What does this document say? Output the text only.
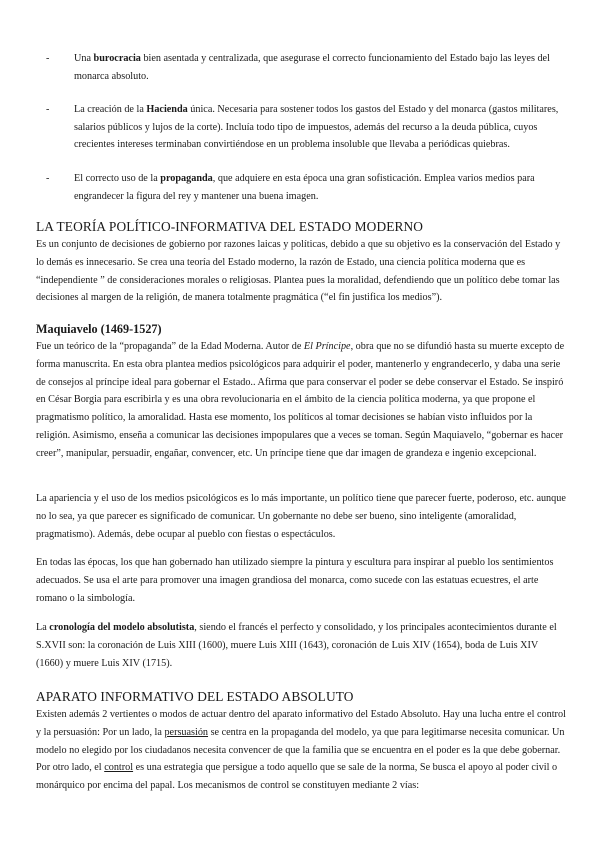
-	Una burocracia bien asentada y centralizada, que asegurase el correcto funcionamiento del Estado bajo las leyes del monarca absoluto.
-	La creación de la Hacienda única. Necesaria para sostener todos los gastos del Estado y del monarca (gastos militares, salarios públicos y lujos de la corte). Incluía todo tipo de impuestos, además del recurso a la deuda pública, cuyos crecientes intereses terminaban convirtiéndose en un problema insoluble que llevaba a periódicas quiebras.
-	El correcto uso de la propaganda, que adquiere en esta época una gran sofisticación. Emplea varios medios para engrandecer la figura del rey y mantener una buena imagen.
LA TEORÍA POLÍTICO-INFORMATIVA DEL ESTADO MODERNO

Es un conjunto de decisiones de gobierno por razones laicas y políticas, debido a que su objetivo es la conservación del Estado y lo demás es innecesario. Se crea una teoría del Estado moderno, la razón de Estado, una ciencia política moderna que es “independiente ” de consideraciones morales o religiosas. Plantea pues la moralidad, defendiendo que un político debe tomar las decisiones al margen de la religión, de manera totalmente pragmática (“el fin justifica los medios”).

Maquiavelo (1469-1527)

Fue un teórico de la “propaganda” de la Edad Moderna. Autor de El Príncipe, obra que no se difundió hasta su muerte excepto de forma manuscrita. En esta obra plantea medios psicológicos para adquirir el poder, mantenerlo y engrandecerlo, y daba una serie de consejos al príncipe ideal para gobernar el Estado.. Afirma que para conservar el poder se debe conservar el Estado. Se inspiró en César Borgia para escribirla y es una obra revolucionaria en el ámbito de la ciencia política moderna, ya que propone el pragmatismo político, la amoralidad. Hasta ese momento, los políticos al tomar decisiones se habían visto influidos por la religión. Asimismo, enseña a comunicar las decisiones impopulares que a veces se toman. Según Maquiavelo, “gobernar es hacer creer”, manipular, persuadir, engañar, convencer, etc. Un príncipe tiene que dar imagen de grandeza e ingenio excepcional.

La apariencia y el uso de los medios psicológicos es lo más importante, un político tiene que parecer fuerte, poderoso, etc. aunque no lo sea, ya que parecer es significado de comunicar. Un gobernante no debe ser bueno, sino inteligente (amoralidad, pragmatismo). Además, debe ocupar al pueblo con fiestas o espectáculos.

En todas las épocas, los que han gobernado han utilizado siempre la pintura y escultura para inspirar al pueblo los sentimientos adecuados. Se usa el arte para promover una imagen grandiosa del monarca, como sucede con las estatuas ecuestres, el arte romano o la simbología.

La cronología del modelo absolutista, siendo el francés el perfecto y consolidado, y los principales acontecimientos durante el S.XVII son: la coronación de Luis XIII (1600), muere Luis XIII (1643), coronación de Luis XIV (1654), boda de Luis XIV (1660) y muere Luis XIV (1715).

APARATO INFORMATIVO DEL ESTADO ABSOLUTO

Existen además 2 vertientes o modos de actuar dentro del aparato informativo del Estado Absoluto. Hay una lucha entre el control y la persuasión: Por un lado, la persuasión se centra en la propaganda del modelo, ya que para legitimarse necesita comunicar. Un modelo no elegido por los ciudadanos necesita convencer de que la familia que se encuentra en el poder es la que debe gobernar. Por otro lado, el control es una estrategia que persigue a todo aquello que se sale de la norma, Se busca el apoyo al poder civil o monárquico por encima del papal. Los mecanismos de control se constituyen mediante 2 vías:
